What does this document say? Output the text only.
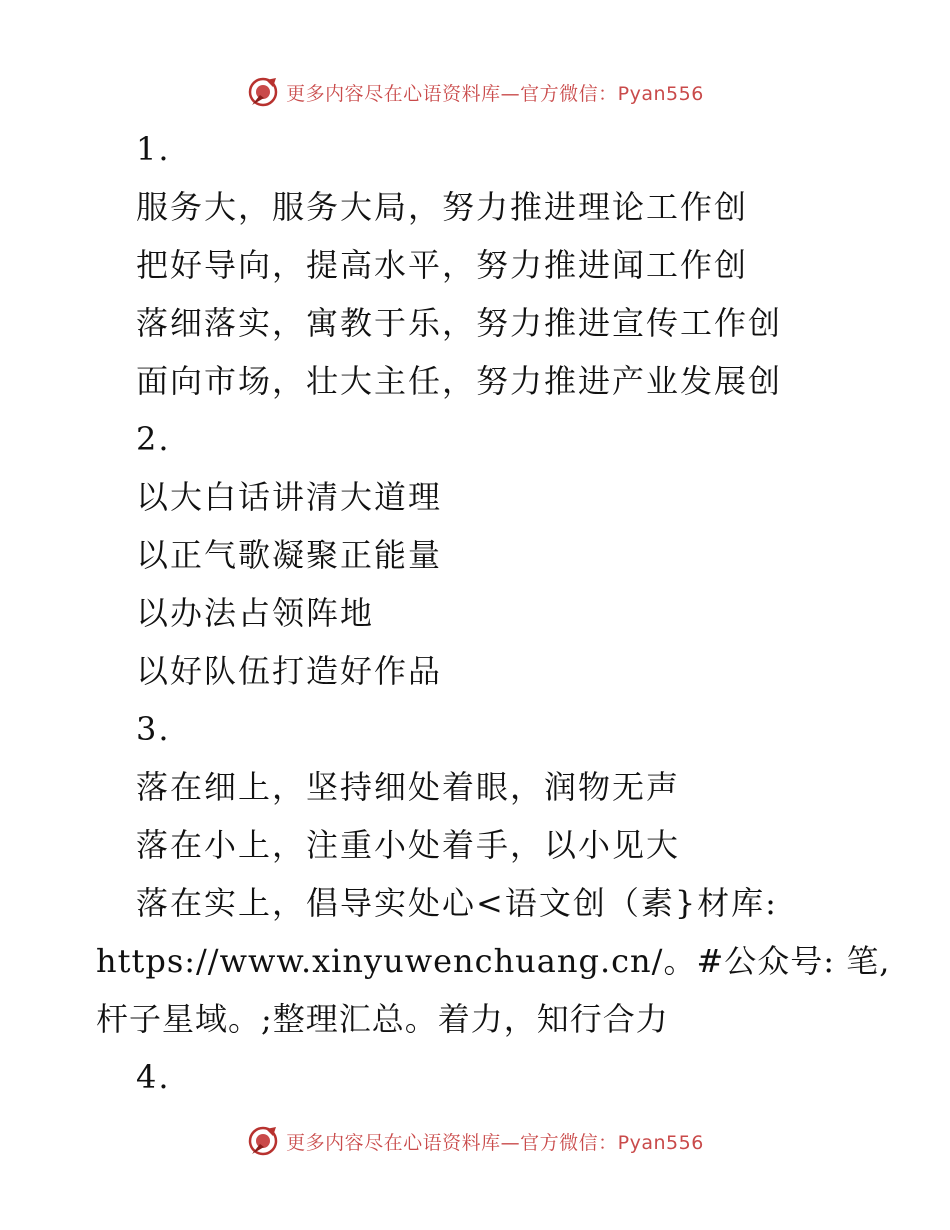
更多内容尽在心语资料库—官方微信：Pyan556
1.
服务大，服务大局，努力推进理论工作创
把好导向，提高水平，努力推进闻工作创
落细落实，寓教于乐，努力推进宣传工作创
面向市场，壮大主任，努力推进产业发展创
2.
以大白话讲清大道理
以正气歌凝聚正能量
以办法占领阵地
以好队伍打造好作品
3.
落在细上，坚持细处着眼，润物无声
落在小上，注重小处着手，以小见大
落在实上，倡导实处心<语文创（素}材库:
https://www.xinyuwenchuang.cn/。#公众号: 笔,
杆子星域。;整理汇总。着力，知行合力
4.
更多内容尽在心语资料库—官方微信：Pyan556
